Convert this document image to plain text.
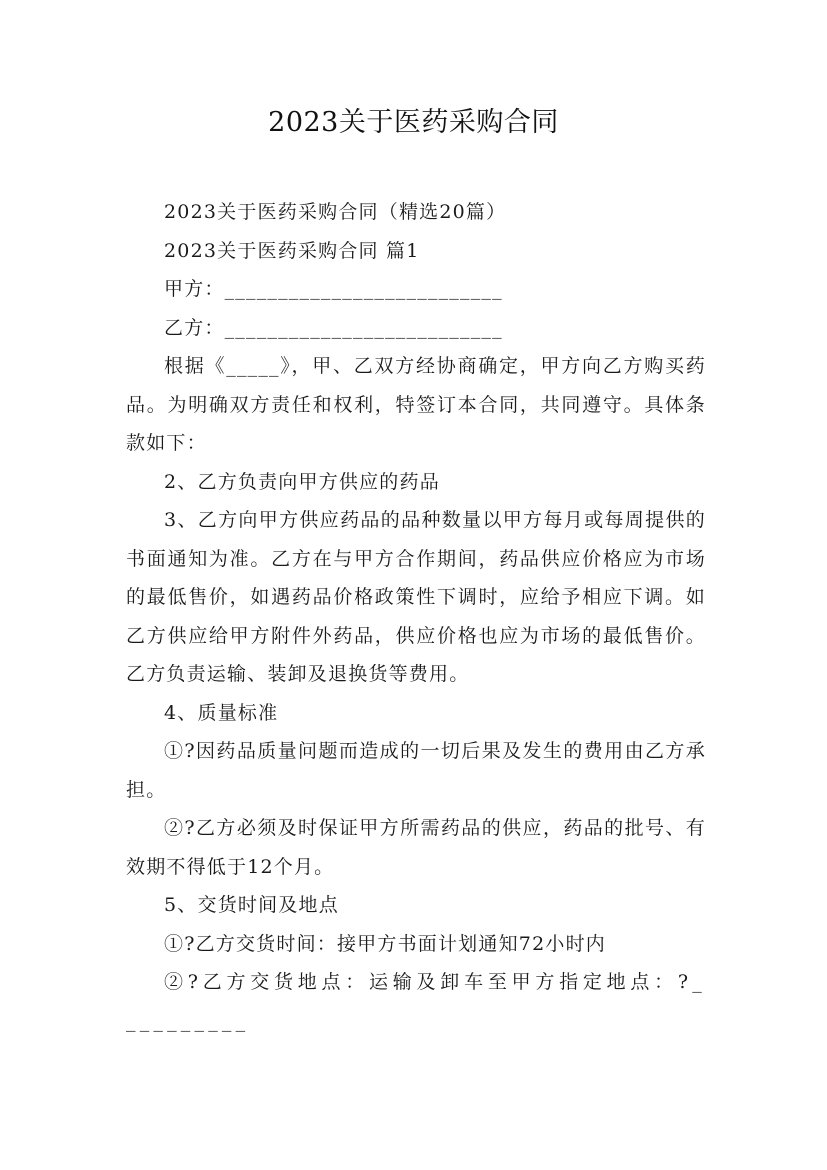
2023关于医药采购合同

2023关于医药采购合同（精选20篇）

2023关于医药采购合同 篇1

甲方：__________________________

乙方：__________________________

根据《_____》，甲、乙双方经协商确定，甲方向乙方购买药品。为明确双方责任和权利，特签订本合同，共同遵守。具体条款如下：

2、乙方负责向甲方供应的药品

3、乙方向甲方供应药品的品种数量以甲方每月或每周提供的书面通知为准。乙方在与甲方合作期间，药品供应价格应为市场的最低售价，如遇药品价格政策性下调时，应给予相应下调。如乙方供应给甲方附件外药品，供应价格也应为市场的最低售价。乙方负责运输、装卸及退换货等费用。

4、质量标准

①?因药品质量问题而造成的一切后果及发生的费用由乙方承担。

②?乙方必须及时保证甲方所需药品的供应，药品的批号、有效期不得低于12个月。

5、交货时间及地点

①?乙方交货时间：接甲方书面计划通知72小时内

②?乙方交货地点：运输及卸车至甲方指定地点：?__________
